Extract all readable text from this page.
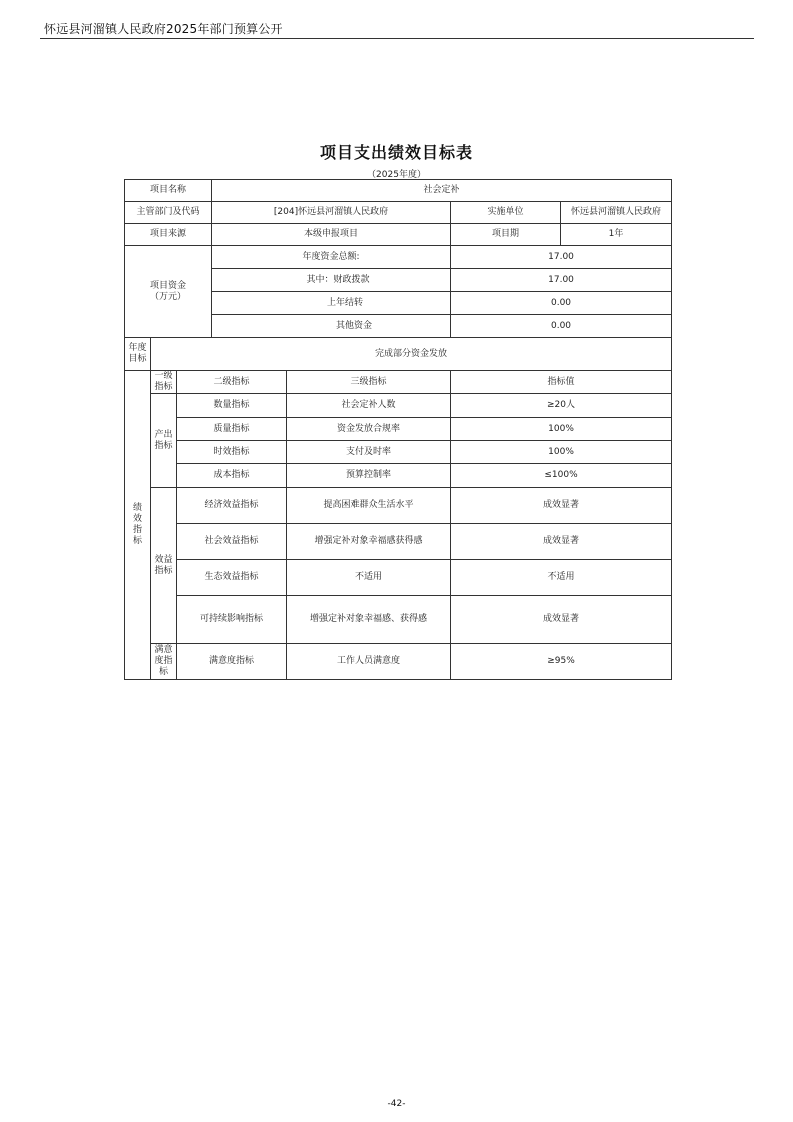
怀远县河溜镇人民政府2025年部门预算公开
项目支出绩效目标表
（2025年度）
项目名称			社会定补			
主管部门及代码			[204]怀远县河溜镇人民政府		实施单位	怀远县河溜镇人民政府
项目来源			本级申报项目		项目期	1年

项目资金
（万元）			年度资金总额:		17.00	
			其中：财政拨款		17.00	
			上年结转		0.00	
			其他资金		0.00	
年度目标	完成部分资金发放					
绩效指标	一级指标	二级指标		三级指标	指标值	
	产出指标	数量指标		社会定补人数	≥20人	
		质量指标		资金发放合规率	100%	
		时效指标		支付及时率	100%	
		成本指标		预算控制率	≤100%	
	效益指标	经济效益指标		提高困难群众生活水平	成效显著	
		社会效益指标		增强定补对象幸福感获得感	成效显著	
		生态效益指标		不适用	不适用	
		可持续影响指标		增强定补对象幸福感、获得感	成效显著	
	满意度指标	满意度指标		工作人员满意度	≥95%	
-42-
